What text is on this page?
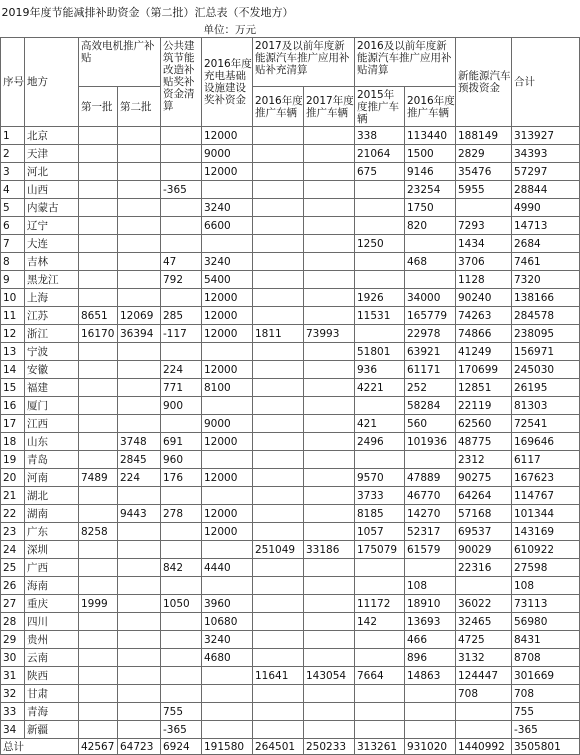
2019年度节能减排补助资金（第二批）汇总表（不发地方）											
					单位：万元						
序号	地方	高效电机推广补贴		公共建筑节能改造补贴奖补资金清算	2016年度充电基础设施建设奖补资金	2017及以前年度新能源汽车推广应用补贴补充清算		2016及以前年度新能源汽车推广应用补贴清算		新能源汽车预拨资金	合计
		第一批	第二批			2016年度推广车辆	2017年度推广车辆	2015年度推广车辆	2016年度推广车辆		
1	北京				12000			338	113440	188149	313927
2	天津				9000			21064	1500	2829	34393
3	河北				12000			675	9146	35476	57297
4	山西			-365					23254	5955	28844
5	内蒙古				3240				1750		4990
6	辽宁				6600				820	7293	14713
7	大连							1250		1434	2684
8	吉林			47	3240				468	3706	7461
9	黑龙江			792	5400					1128	7320
10	上海				12000			1926	34000	90240	138166
11	江苏	8651	12069	285	12000			11531	165779	74263	284578
12	浙江	16170	36394	-117	12000	1811	73993		22978	74866	238095
13	宁波							51801	63921	41249	156971
14	安徽			224	12000			936	61171	170699	245030
15	福建			771	8100			4221	252	12851	26195
16	厦门			900					58284	22119	81303
17	江西				9000			421	560	62560	72541
18	山东		3748	691	12000			2496	101936	48775	169646
19	青岛		2845	960						2312	6117
20	河南	7489	224	176	12000			9570	47889	90275	167623
21	湖北							3733	46770	64264	114767
22	湖南		9443	278	12000			8185	14270	57168	101344
23	广东	8258			12000			1057	52317	69537	143169
24	深圳					251049	33186	175079	61579	90029	610922
25	广西			842	4440					22316	27598
26	海南								108		108
27	重庆	1999		1050	3960			11172	18910	36022	73113
28	四川				10680			142	13693	32465	56980
29	贵州				3240				466	4725	8431
30	云南				4680				896	3132	8708
31	陕西					11641	143054	7664	14863	124447	301669
32	甘肃									708	708
33	青海			755							755
34	新疆			-365							-365
总计		42567	64723	6924	191580	264501	250233	313261	931020	1440992	3505801
